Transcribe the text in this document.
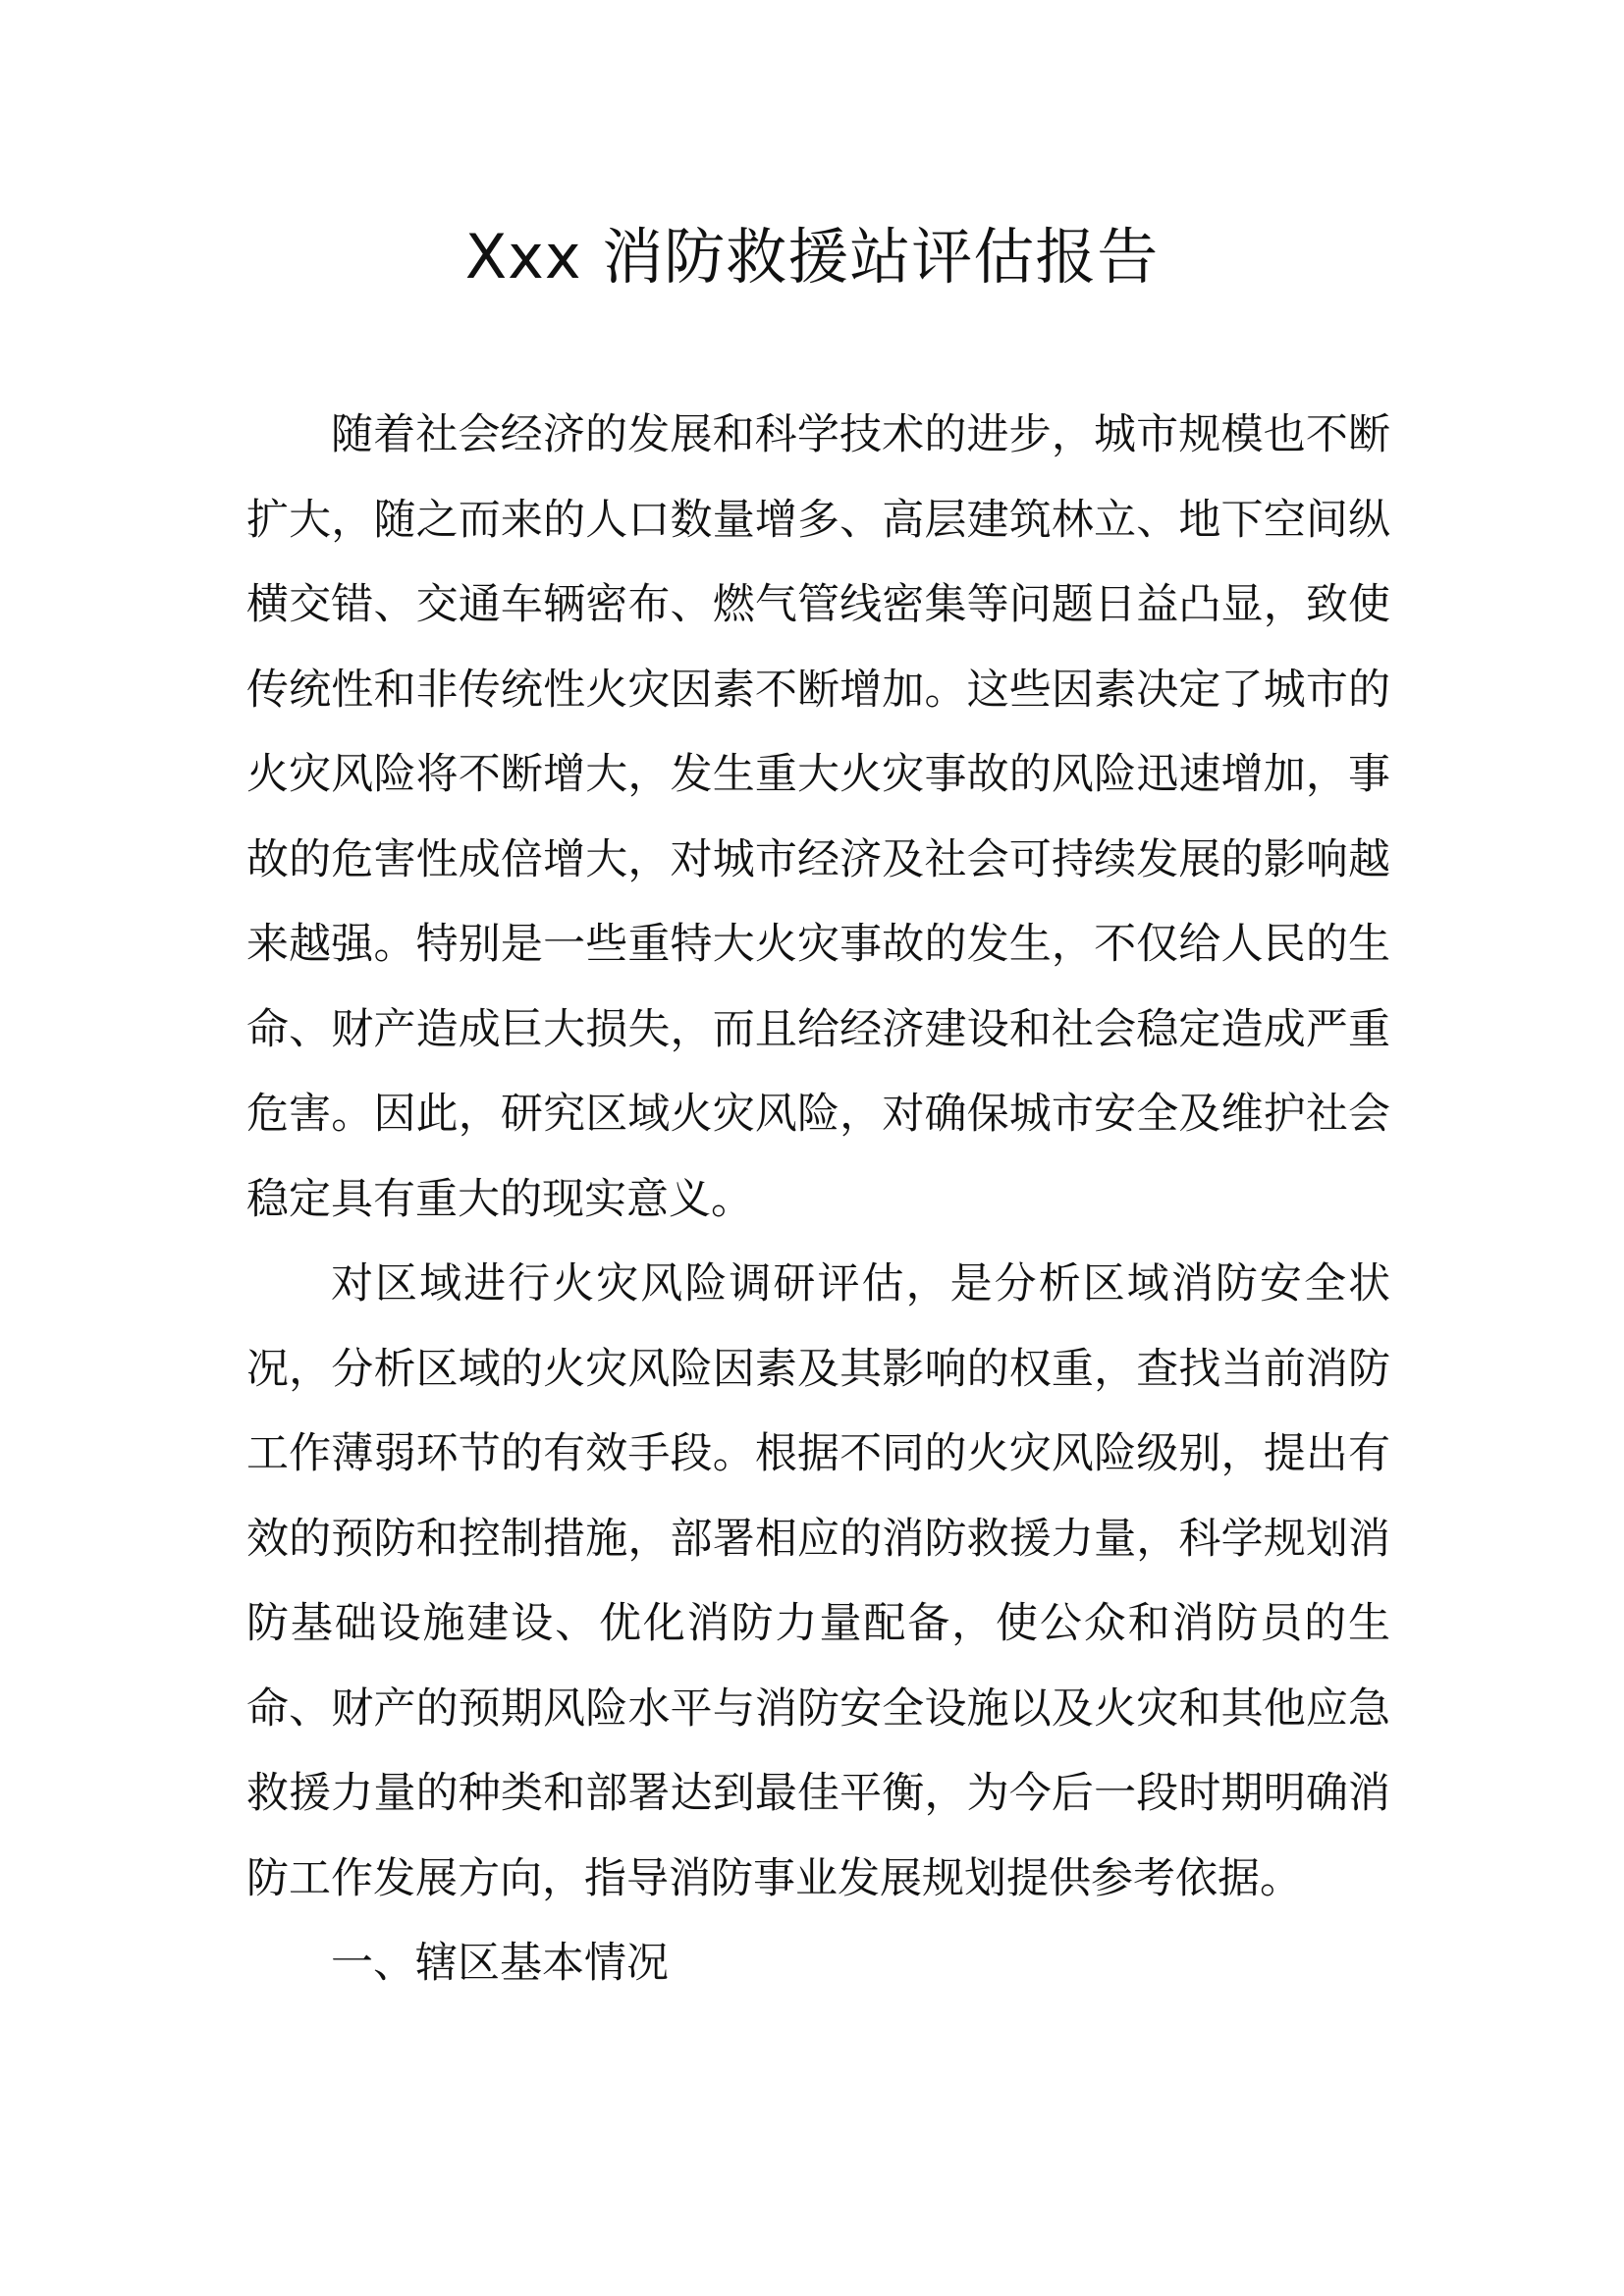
Xxx 消防救援站评估报告

随着社会经济的发展和科学技术的进步，城市规模也不断扩大，随之而来的人口数量增多、高层建筑林立、地下空间纵横交错、交通车辆密布、燃气管线密集等问题日益凸显，致使传统性和非传统性火灾因素不断增加。这些因素决定了城市的火灾风险将不断增大，发生重大火灾事故的风险迅速增加，事故的危害性成倍增大，对城市经济及社会可持续发展的影响越来越强。特别是一些重特大火灾事故的发生，不仅给人民的生命、财产造成巨大损失，而且给经济建设和社会稳定造成严重危害。因此，研究区域火灾风险，对确保城市安全及维护社会稳定具有重大的现实意义。

对区域进行火灾风险调研评估，是分析区域消防安全状况，分析区域的火灾风险因素及其影响的权重，查找当前消防工作薄弱环节的有效手段。根据不同的火灾风险级别，提出有效的预防和控制措施，部署相应的消防救援力量，科学规划消防基础设施建设、优化消防力量配备，使公众和消防员的生命、财产的预期风险水平与消防安全设施以及火灾和其他应急救援力量的种类和部署达到最佳平衡，为今后一段时期明确消防工作发展方向，指导消防事业发展规划提供参考依据。

一、辖区基本情况
